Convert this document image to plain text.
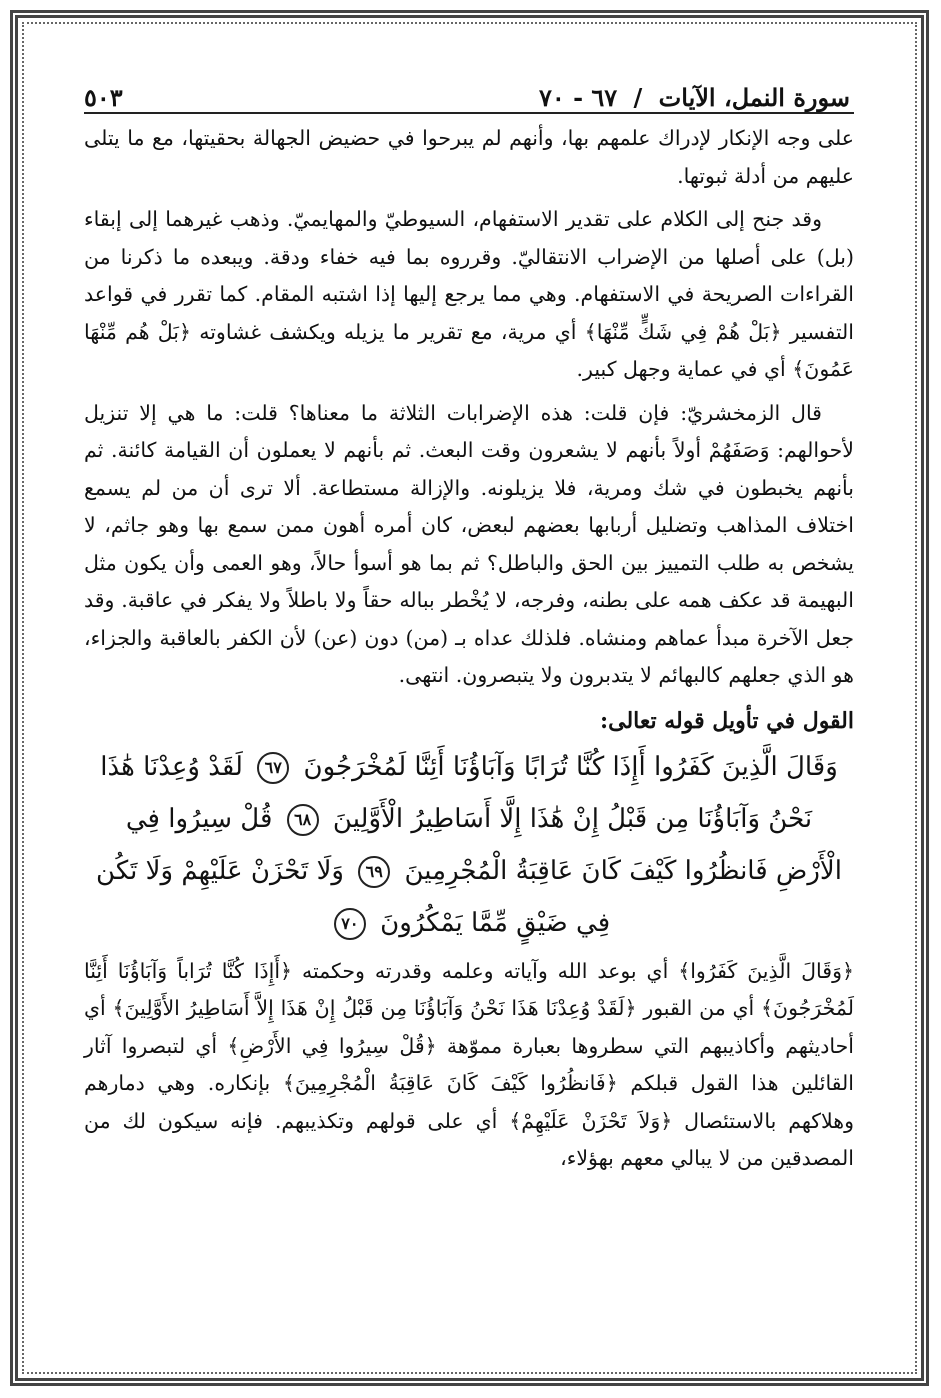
سورة النمل، الآيات / ٦٧ - ٧٠
٥٠٣

على وجه الإنكار لإدراك علمهم بها، وأنهم لم يبرحوا في حضيض الجهالة بحقيتها، مع ما يتلى عليهم من أدلة ثبوتها.

وقد جنح إلى الكلام على تقدير الاستفهام، السيوطيّ والمهايميّ. وذهب غيرهما إلى إبقاء (بل) على أصلها من الإضراب الانتقاليّ. وقرروه بما فيه خفاء ودقة. ويبعده ما ذكرنا من القراءات الصريحة في الاستفهام. وهي مما يرجع إليها إذا اشتبه المقام. كما تقرر في قواعد التفسير ﴿بَلْ هُمْ فِي شَكٍّ مِّنْهَا﴾ أي مرية، مع تقرير ما يزيله ويكشف غشاوته ﴿بَلْ هُم مِّنْهَا عَمُونَ﴾ أي في عماية وجهل كبير.

قال الزمخشريّ: فإن قلت: هذه الإضرابات الثلاثة ما معناها؟ قلت: ما هي إلا تنزيل لأحوالهم: وَصَفَهُمْ أولاً بأنهم لا يشعرون وقت البعث. ثم بأنهم لا يعملون أن القيامة كائنة. ثم بأنهم يخبطون في شك ومرية، فلا يزيلونه. والإزالة مستطاعة. ألا ترى أن من لم يسمع اختلاف المذاهب وتضليل أربابها بعضهم لبعض، كان أمره أهون ممن سمع بها وهو جاثم، لا يشخص به طلب التمييز بين الحق والباطل؟ ثم بما هو أسوأ حالاً، وهو العمى وأن يكون مثل البهيمة قد عكف همه على بطنه، وفرجه، لا يُخْطر بباله حقاً ولا باطلاً ولا يفكر في عاقبة. وقد جعل الآخرة مبدأ عماهم ومنشاه. فلذلك عداه بـ (من) دون (عن) لأن الكفر بالعاقبة والجزاء، هو الذي جعلهم كالبهائم لا يتدبرون ولا يتبصرون. انتهى.

القول في تأويل قوله تعالى:
وَقَالَ الَّذِينَ كَفَرُوا أَإِذَا كُنَّا تُرَابًا وَآبَاؤُنَا أَئِنَّا لَمُخْرَجُونَ ٦٧ لَقَدْ وُعِدْنَا هَٰذَا نَحْنُ وَآبَاؤُنَا مِن قَبْلُ إِنْ هَٰذَا إِلَّا أَسَاطِيرُ الْأَوَّلِينَ ٦٨ قُلْ سِيرُوا فِي الْأَرْضِ فَانظُرُوا كَيْفَ كَانَ عَاقِبَةُ الْمُجْرِمِينَ ٦٩ وَلَا تَحْزَنْ عَلَيْهِمْ وَلَا تَكُن فِي ضَيْقٍ مِّمَّا يَمْكُرُونَ ٧٠

﴿وَقَالَ الَّذِينَ كَفَرُوا﴾ أي بوعد الله وآياته وعلمه وقدرته وحكمته ﴿أَإِذَا كُنَّا تُرَاباً وَآبَاؤُنَا أَئِنَّا لَمُخْرَجُونَ﴾ أي من القبور ﴿لَقَدْ وُعِدْنَا هَذَا نَحْنُ وَآبَاؤُنَا مِن قَبْلُ إِنْ هَذَا إِلاَّ أَسَاطِيرُ الأَوَّلِينَ﴾ أي أحاديثهم وأكاذيبهم التي سطروها بعبارة مموّهة ﴿قُلْ سِيرُوا فِي الأَرْضِ﴾ أي لتبصروا آثار القائلين هذا القول قبلكم ﴿فَانظُرُوا كَيْفَ كَانَ عَاقِبَةُ الْمُجْرِمِينَ﴾ بإنكاره. وهي دمارهم وهلاكهم بالاستئصال ﴿وَلاَ تَحْزَنْ عَلَيْهِمْ﴾ أي على قولهم وتكذيبهم. فإنه سيكون لك من المصدقين من لا يبالي معهم بهؤلاء،
